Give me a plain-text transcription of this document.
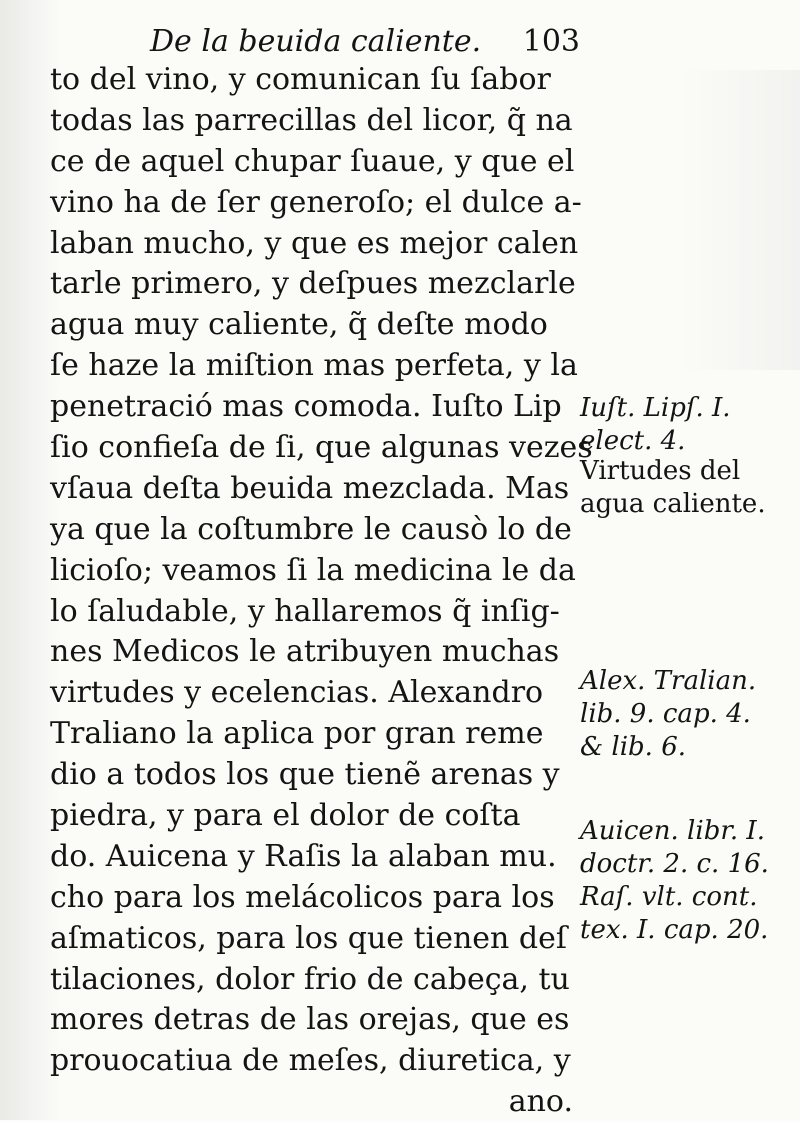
De la beuida caliente. 103
to del vino, y comunican ſu ſabor
todas las parrecillas del licor, q̃ na
ce de aquel chupar ſuaue, y que el
vino ha de ſer generoſo; el dulce a-
laban mucho, y que es mejor calen
tarle primero, y deſpues mezclarle
agua muy caliente, q̃ deſte modo
ſe haze la miſtion mas perfeta, y la
penetració mas comoda. Iuſto Lip
ſio confieſa de ſi, que algunas vezes
vſaua deſta beuida mezclada. Mas
ya que la coſtumbre le causò lo de
licioſo; veamos ſi la medicina le da
lo ſaludable, y hallaremos q̃ inſig-
nes Medicos le atribuyen muchas
virtudes y ecelencias. Alexandro
Traliano la aplica por gran reme
dio a todos los que tienẽ arenas y
piedra, y para el dolor de coſta
do. Auicena y Raſis la alaban mu.
cho para los melácolicos para los
aſmaticos, para los que tienen deſ
tilaciones, dolor frio de cabeça, tu
mores detras de las orejas, que es
prouocatiua de meſes, diuretica, y
ano.
Iuſt. Lipſ. I.
elect. 4.
Virtudes del
agua caliente.
Alex. Tralian.
lib. 9. cap. 4.
& lib. 6.
Auicen. libr. I.
doctr. 2. c. 16.
Raſ. vlt. cont.
tex. I. cap. 20.
